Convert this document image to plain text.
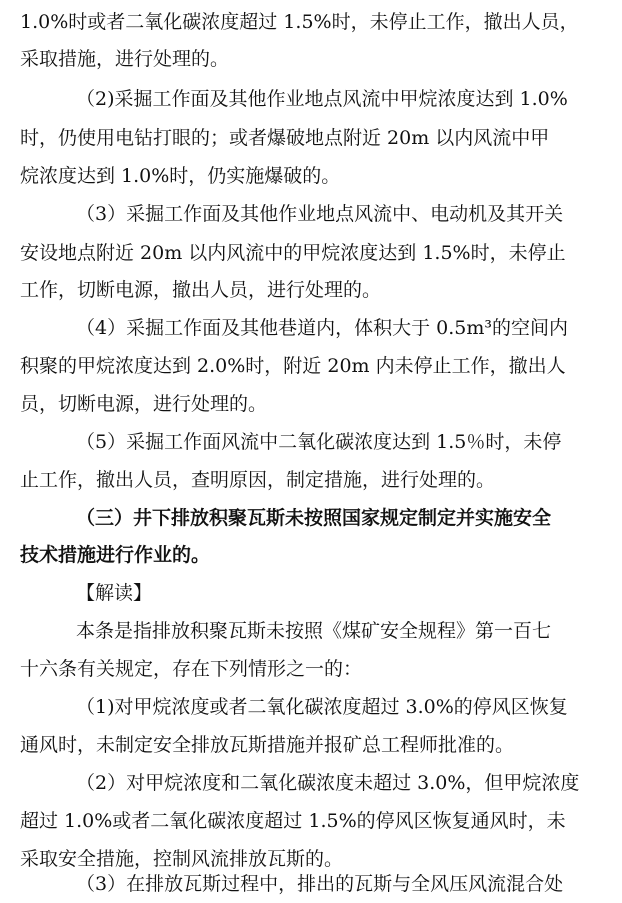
1.0%时或者二氧化碳浓度超过 1.5%时，未停止工作，撤出人员，
采取措施，进行处理的。
（2)采掘工作面及其他作业地点风流中甲烷浓度达到 1.0%
时，仍使用电钻打眼的；或者爆破地点附近 20m 以内风流中甲
烷浓度达到 1.0%时，仍实施爆破的。
（3）采掘工作面及其他作业地点风流中、电动机及其开关
安设地点附近 20m 以内风流中的甲烷浓度达到 1.5%时，未停止
工作，切断电源，撤出人员，进行处理的。
（4）采掘工作面及其他巷道内，体积大于 0.5m³的空间内
积聚的甲烷浓度达到 2.0%时，附近 20m 内未停止工作，撤出人
员，切断电源，进行处理的。
（5）采掘工作面风流中二氧化碳浓度达到 1.5％时，未停
止工作，撤出人员，查明原因，制定措施，进行处理的。
（三）井下排放积聚瓦斯未按照国家规定制定并实施安全
技术措施进行作业的。
【解读】
本条是指排放积聚瓦斯未按照《煤矿安全规程》第一百七
十六条有关规定，存在下列情形之一的：
（1)对甲烷浓度或者二氧化碳浓度超过 3.0%的停风区恢复
通风时，未制定安全排放瓦斯措施并报矿总工程师批准的。
（2）对甲烷浓度和二氧化碳浓度未超过 3.0%，但甲烷浓度
超过 1.0%或者二氧化碳浓度超过 1.5%的停风区恢复通风时，未
采取安全措施，控制风流排放瓦斯的。
（3）在排放瓦斯过程中，排出的瓦斯与全风压风流混合处
